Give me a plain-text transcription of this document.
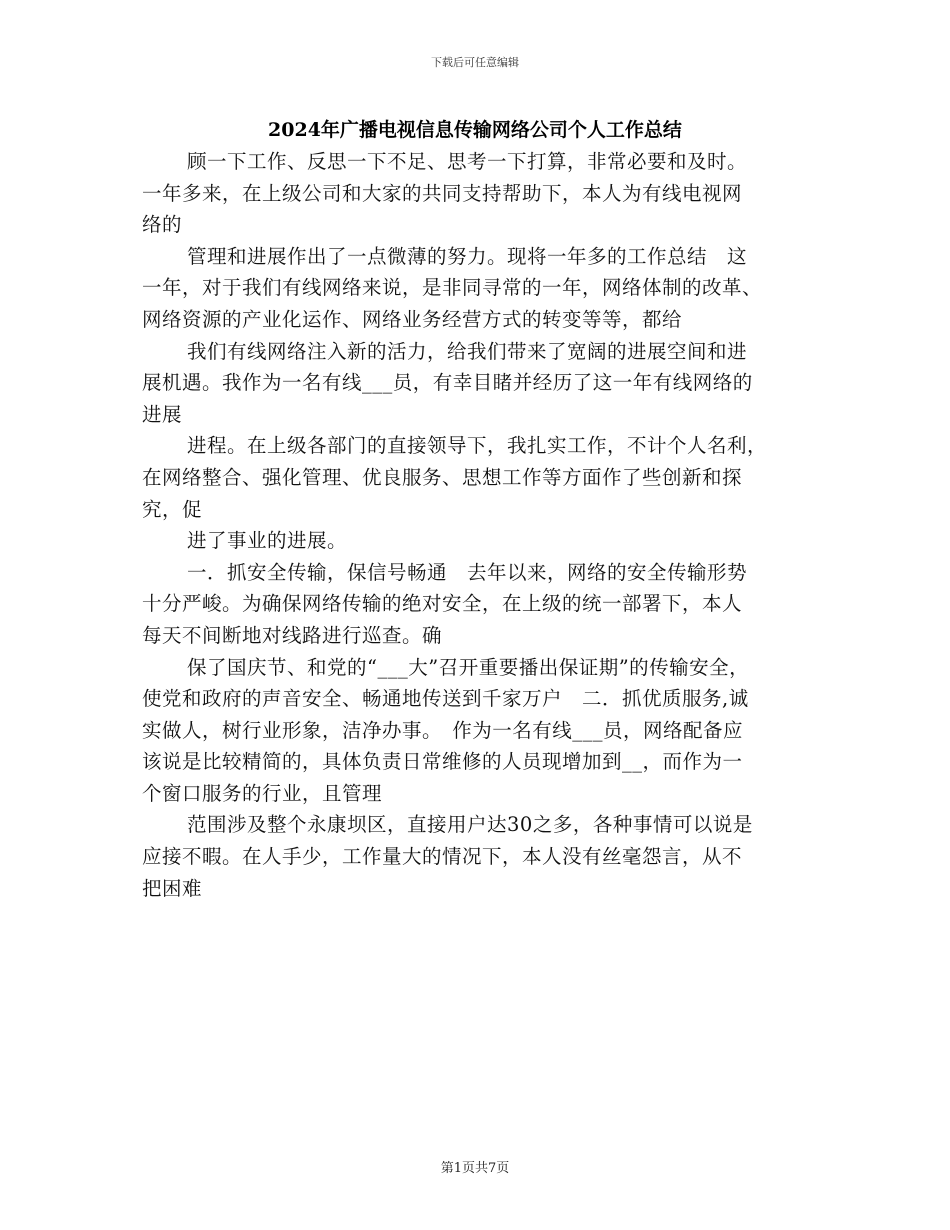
下载后可任意编辑
2024年广播电视信息传输网络公司个人工作总结
顾一下工作、反思一下不足、思考一下打算，非常必要和及时。
一年多来，在上级公司和大家的共同支持帮助下，本人为有线电视网
络的
管理和进展作出了一点微薄的努力。现将一年多的工作总结　这
一年，对于我们有线网络来说，是非同寻常的一年，网络体制的改革、
网络资源的产业化运作、网络业务经营方式的转变等等，都给
我们有线网络注入新的活力，给我们带来了宽阔的进展空间和进
展机遇。我作为一名有线___员，有幸目睹并经历了这一年有线网络的
进展
进程。在上级各部门的直接领导下，我扎实工作，不计个人名利，
在网络整合、强化管理、优良服务、思想工作等方面作了些创新和探
究，促
进了事业的进展。
一．抓安全传输，保信号畅通　去年以来，网络的安全传输形势
十分严峻。为确保网络传输的绝对安全，在上级的统一部署下，本人
每天不间断地对线路进行巡查。确
保了国庆节、和党的“___大”召开重要播出保证期”的传输安全，
使党和政府的声音安全、畅通地传送到千家万户　二．抓优质服务,诚
实做人，树行业形象，洁净办事。　作为一名有线___员，网络配备应
该说是比较精简的，具体负责日常维修的人员现增加到__，而作为一
个窗口服务的行业，且管理
范围涉及整个永康坝区，直接用户达30之多，各种事情可以说是
应接不暇。在人手少，工作量大的情况下，本人没有丝毫怨言，从不
把困难
第1页共7页
